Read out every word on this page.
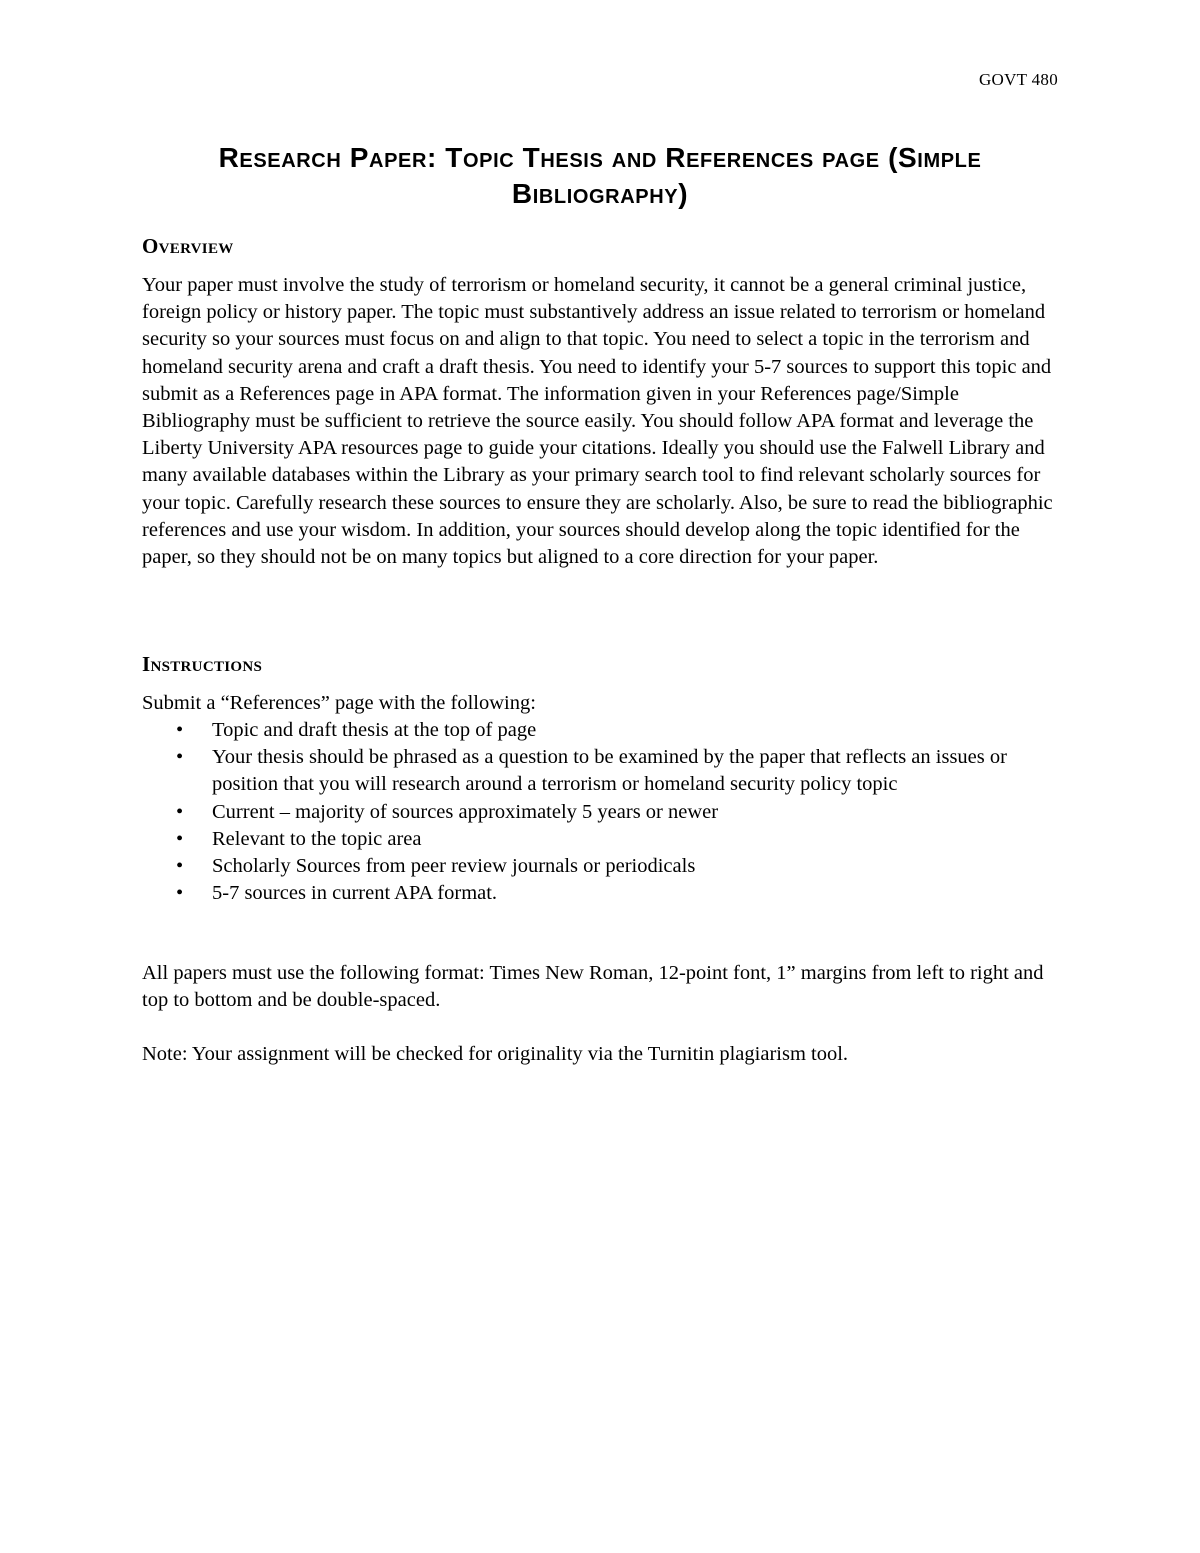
GOVT 480
Research Paper: Topic Thesis and References page (Simple
Bibliography)
Overview
Your paper must involve the study of terrorism or homeland security, it cannot be a general criminal justice, foreign policy or history paper. The topic must substantively address an issue related to terrorism or homeland security so your sources must focus on and align to that topic. You need to select a topic in the terrorism and homeland security arena and craft a draft thesis. You need to identify your 5-7 sources to support this topic and submit as a References page in APA format. The information given in your References page/Simple Bibliography must be sufficient to retrieve the source easily. You should follow APA format and leverage the Liberty University APA resources page to guide your citations. Ideally you should use the Falwell Library and many available databases within the Library as your primary search tool to find relevant scholarly sources for your topic. Carefully research these sources to ensure they are scholarly. Also, be sure to read the bibliographic references and use your wisdom. In addition, your sources should develop along the topic identified for the paper, so they should not be on many topics but aligned to a core direction for your paper.
Instructions
Submit a “References” page with the following:
• Topic and draft thesis at the top of page
• Your thesis should be phrased as a question to be examined by the paper that reflects an issues or position that you will research around a terrorism or homeland security policy topic
• Current – majority of sources approximately 5 years or newer
• Relevant to the topic area
• Scholarly Sources from peer review journals or periodicals
• 5-7 sources in current APA format.
All papers must use the following format: Times New Roman, 12-point font, 1” margins from left to right and top to bottom and be double-spaced.
Note: Your assignment will be checked for originality via the Turnitin plagiarism tool.
